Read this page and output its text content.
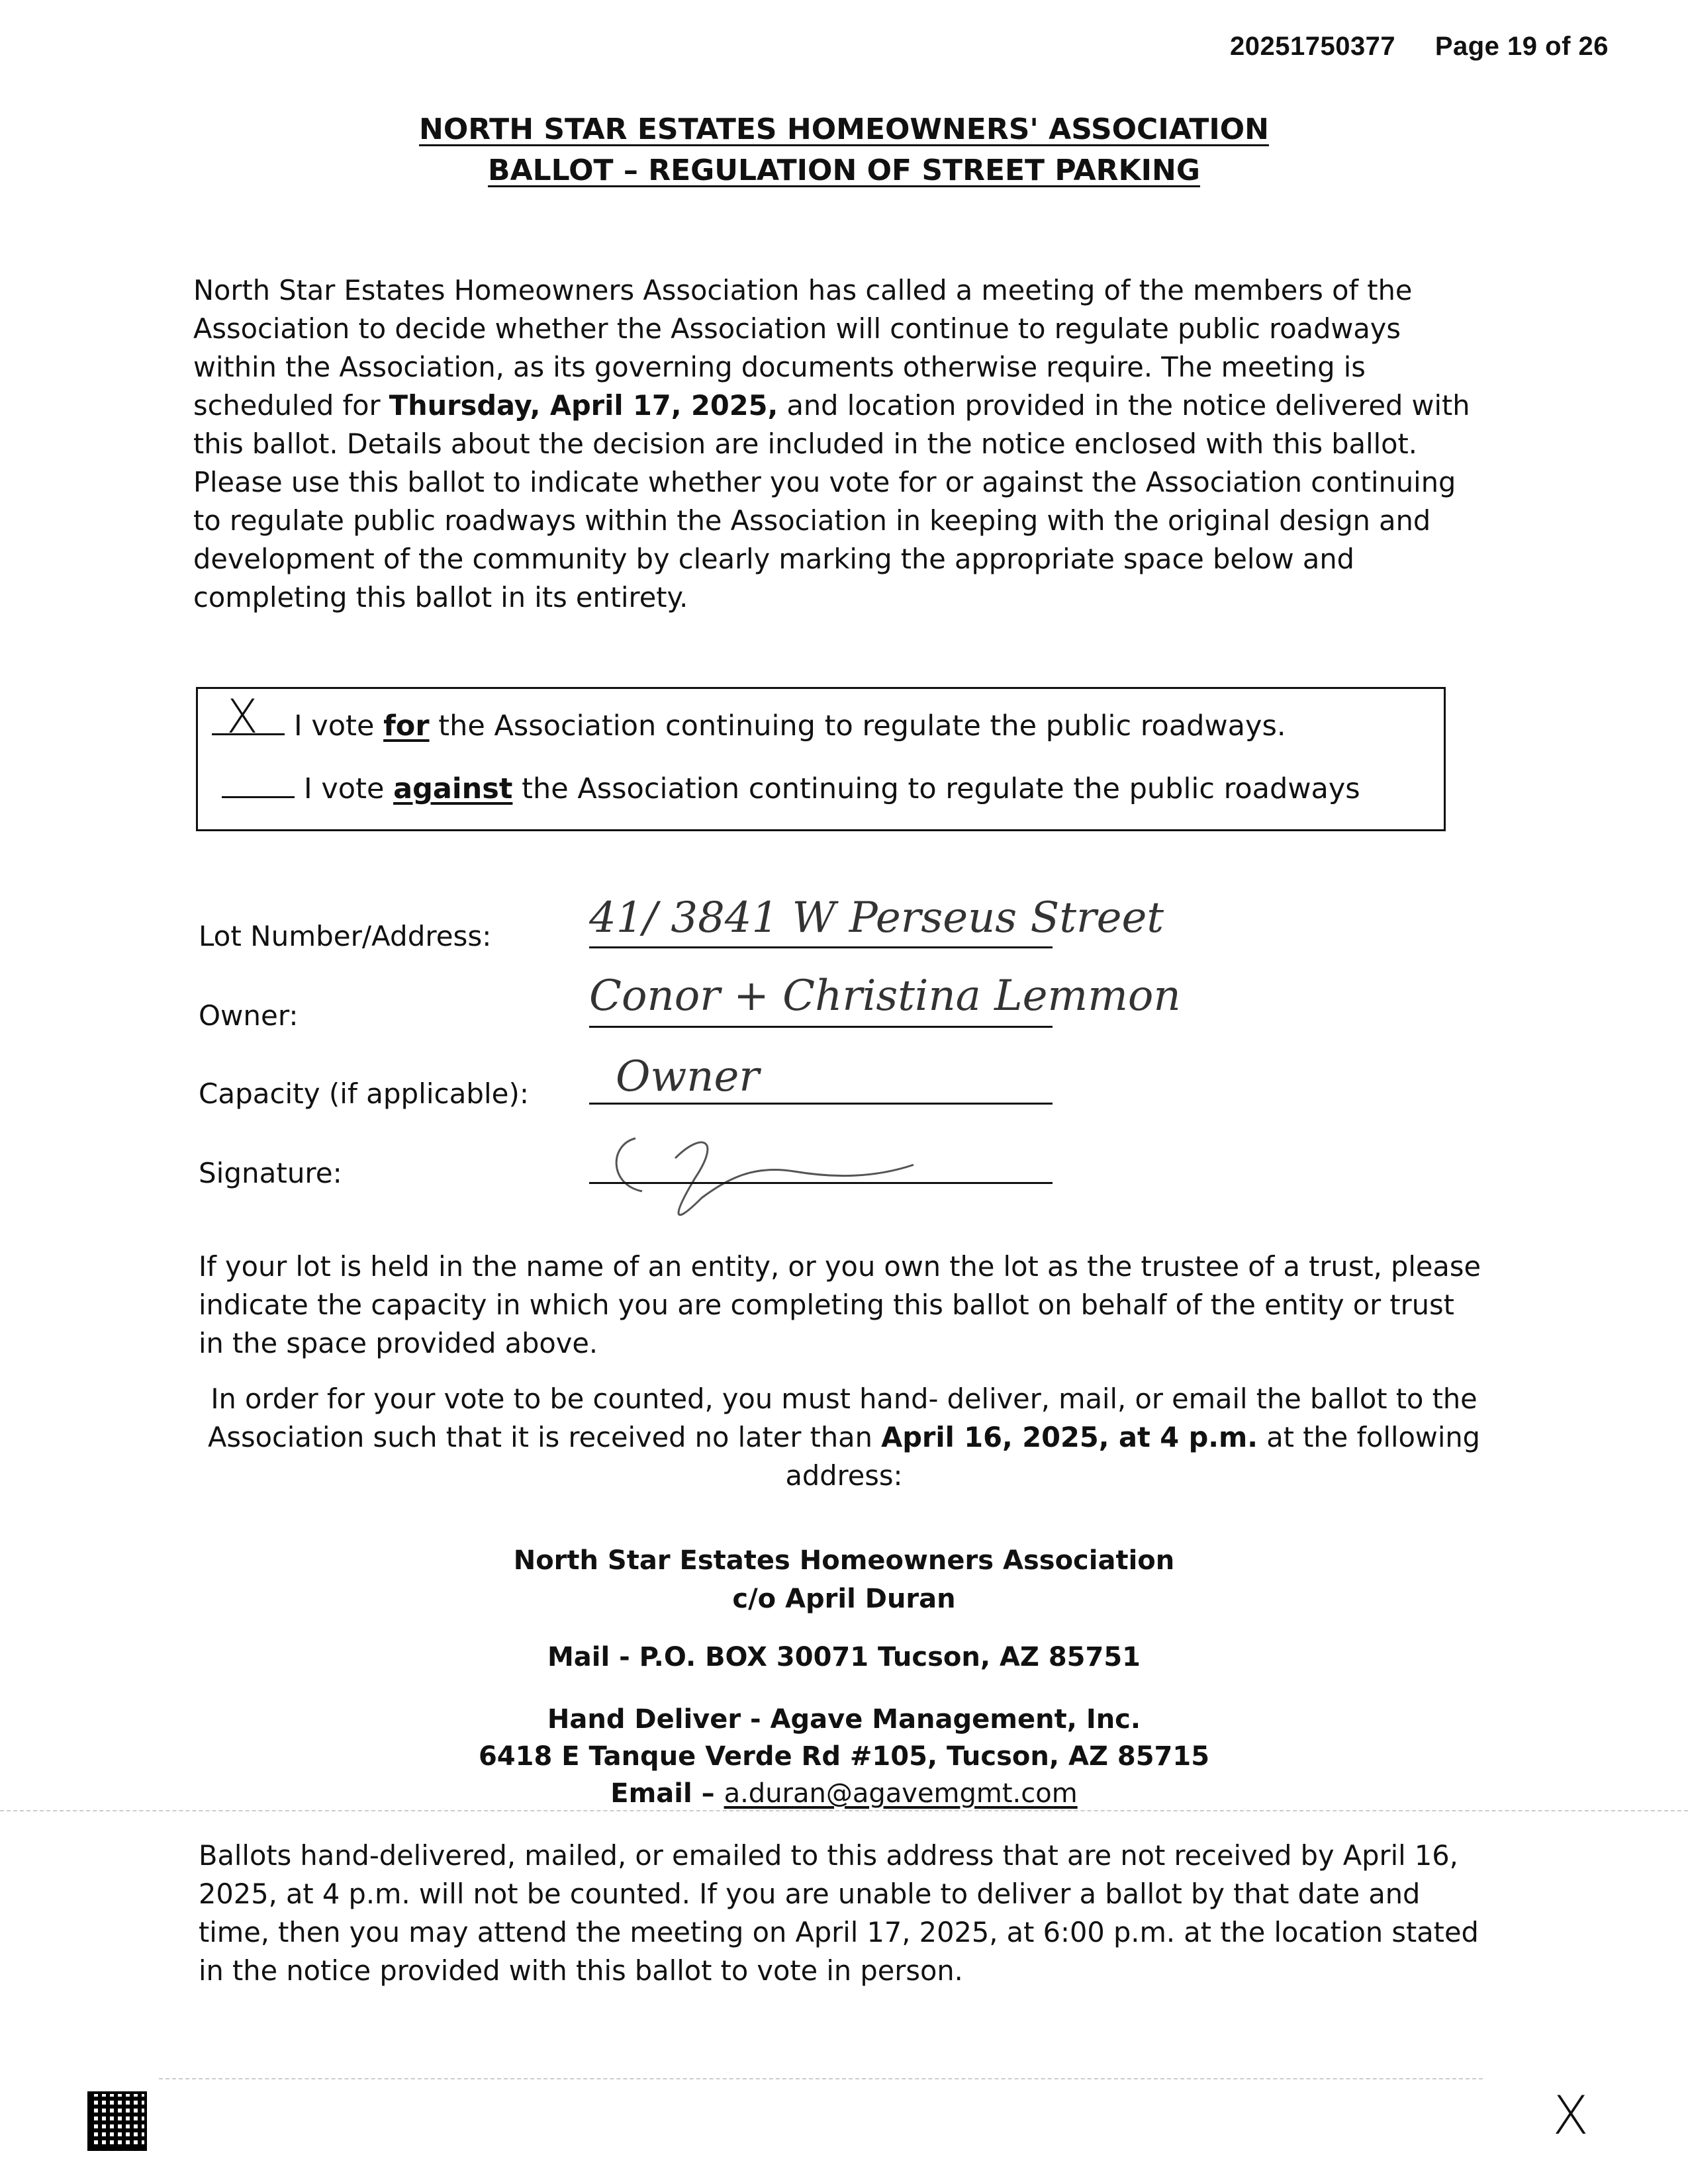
20251750377 Page 19 of 26
NORTH STAR ESTATES HOMEOWNERS' ASSOCIATION
BALLOT – REGULATION OF STREET PARKING
North Star Estates Homeowners Association has called a meeting of the members of the Association to decide whether the Association will continue to regulate public roadways within the Association, as its governing documents otherwise require. The meeting is scheduled for Thursday, April 17, 2025, and location provided in the notice delivered with this ballot. Details about the decision are included in the notice enclosed with this ballot. Please use this ballot to indicate whether you vote for or against the Association continuing to regulate public roadways within the Association in keeping with the original design and development of the community by clearly marking the appropriate space below and completing this ballot in its entirety.
X I vote for the Association continuing to regulate the public roadways.
I vote against the Association continuing to regulate the public roadways
Lot Number/Address: 41/ 3841 W Perseus Street
Owner:	Conor + Christina Lemmon
Capacity (if applicable): Owner
Signature:
If your lot is held in the name of an entity, or you own the lot as the trustee of a trust, please indicate the capacity in which you are completing this ballot on behalf of the entity or trust in the space provided above.
In order for your vote to be counted, you must hand- deliver, mail, or email the ballot to the Association such that it is received no later than April 16, 2025, at 4 p.m. at the following address:
North Star Estates Homeowners Association
c/o April Duran
Mail - P.O. BOX 30071 Tucson, AZ 85751
Hand Deliver - Agave Management, Inc.
6418 E Tanque Verde Rd #105, Tucson, AZ 85715
Email – a.duran@agavemgmt.com
Ballots hand-delivered, mailed, or emailed to this address that are not received by April 16, 2025, at 4 p.m. will not be counted. If you are unable to deliver a ballot by that date and time, then you may attend the meeting on April 17, 2025, at 6:00 p.m. at the location stated in the notice provided with this ballot to vote in person.
X
